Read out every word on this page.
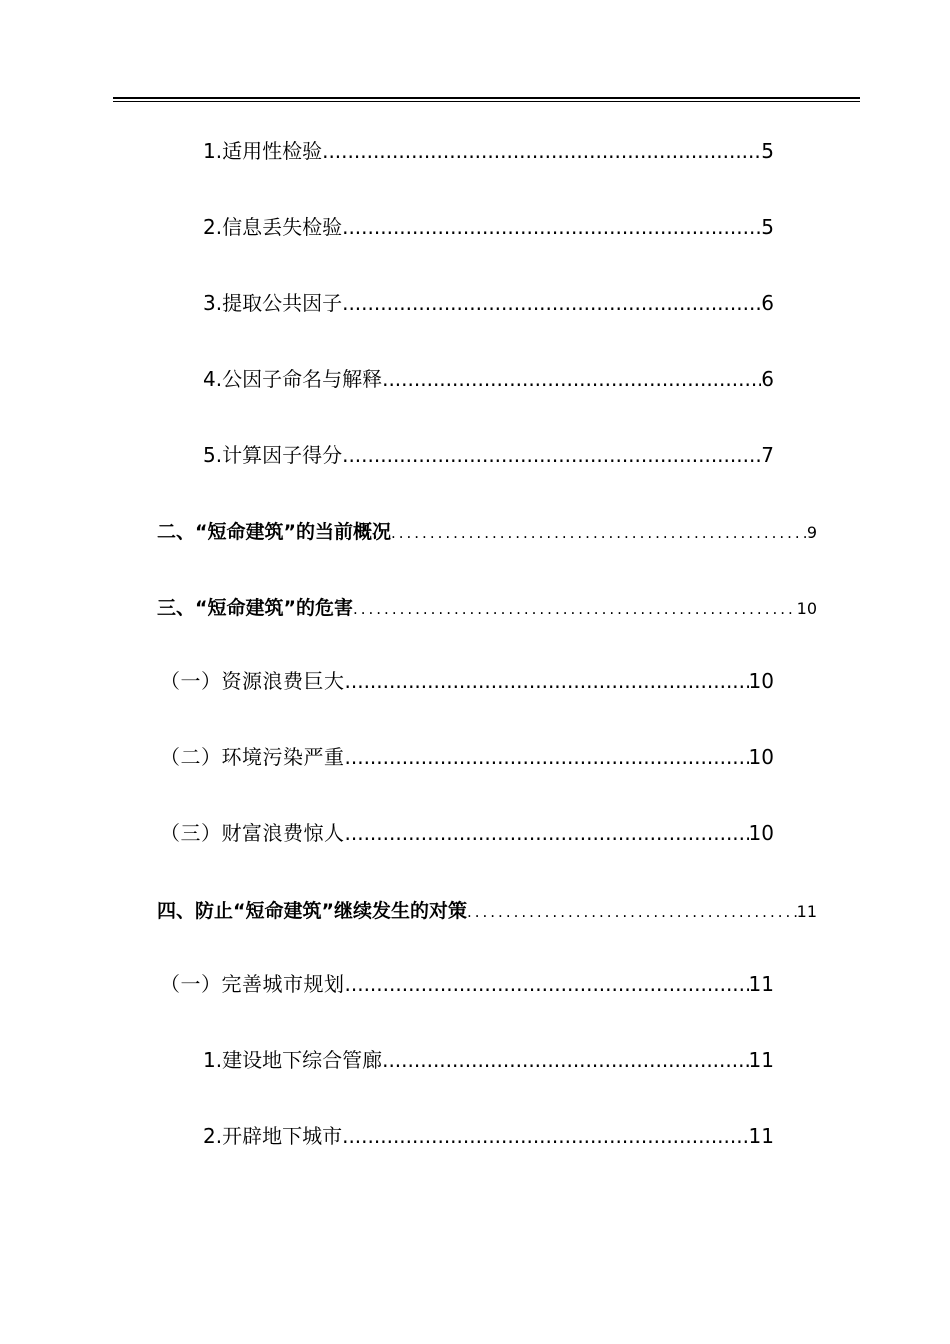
1.适用性检验 .....	5
2.信息丢失检验 .....	5
3.提取公共因子 .....	6
4.公因子命名与解释 .....	6
5.计算因子得分 .....	7
二、“短命建筑”的当前概况 .....	9
三、“短命建筑”的危害 .....	10
（一）资源浪费巨大 .....	10
（二）环境污染严重 .....	10
（三）财富浪费惊人 .....	10
四、防止“短命建筑”继续发生的对策 .....	11
（一）完善城市规划 .....	11
1.建设地下综合管廊 .....	11
2.开辟地下城市 .....	11
